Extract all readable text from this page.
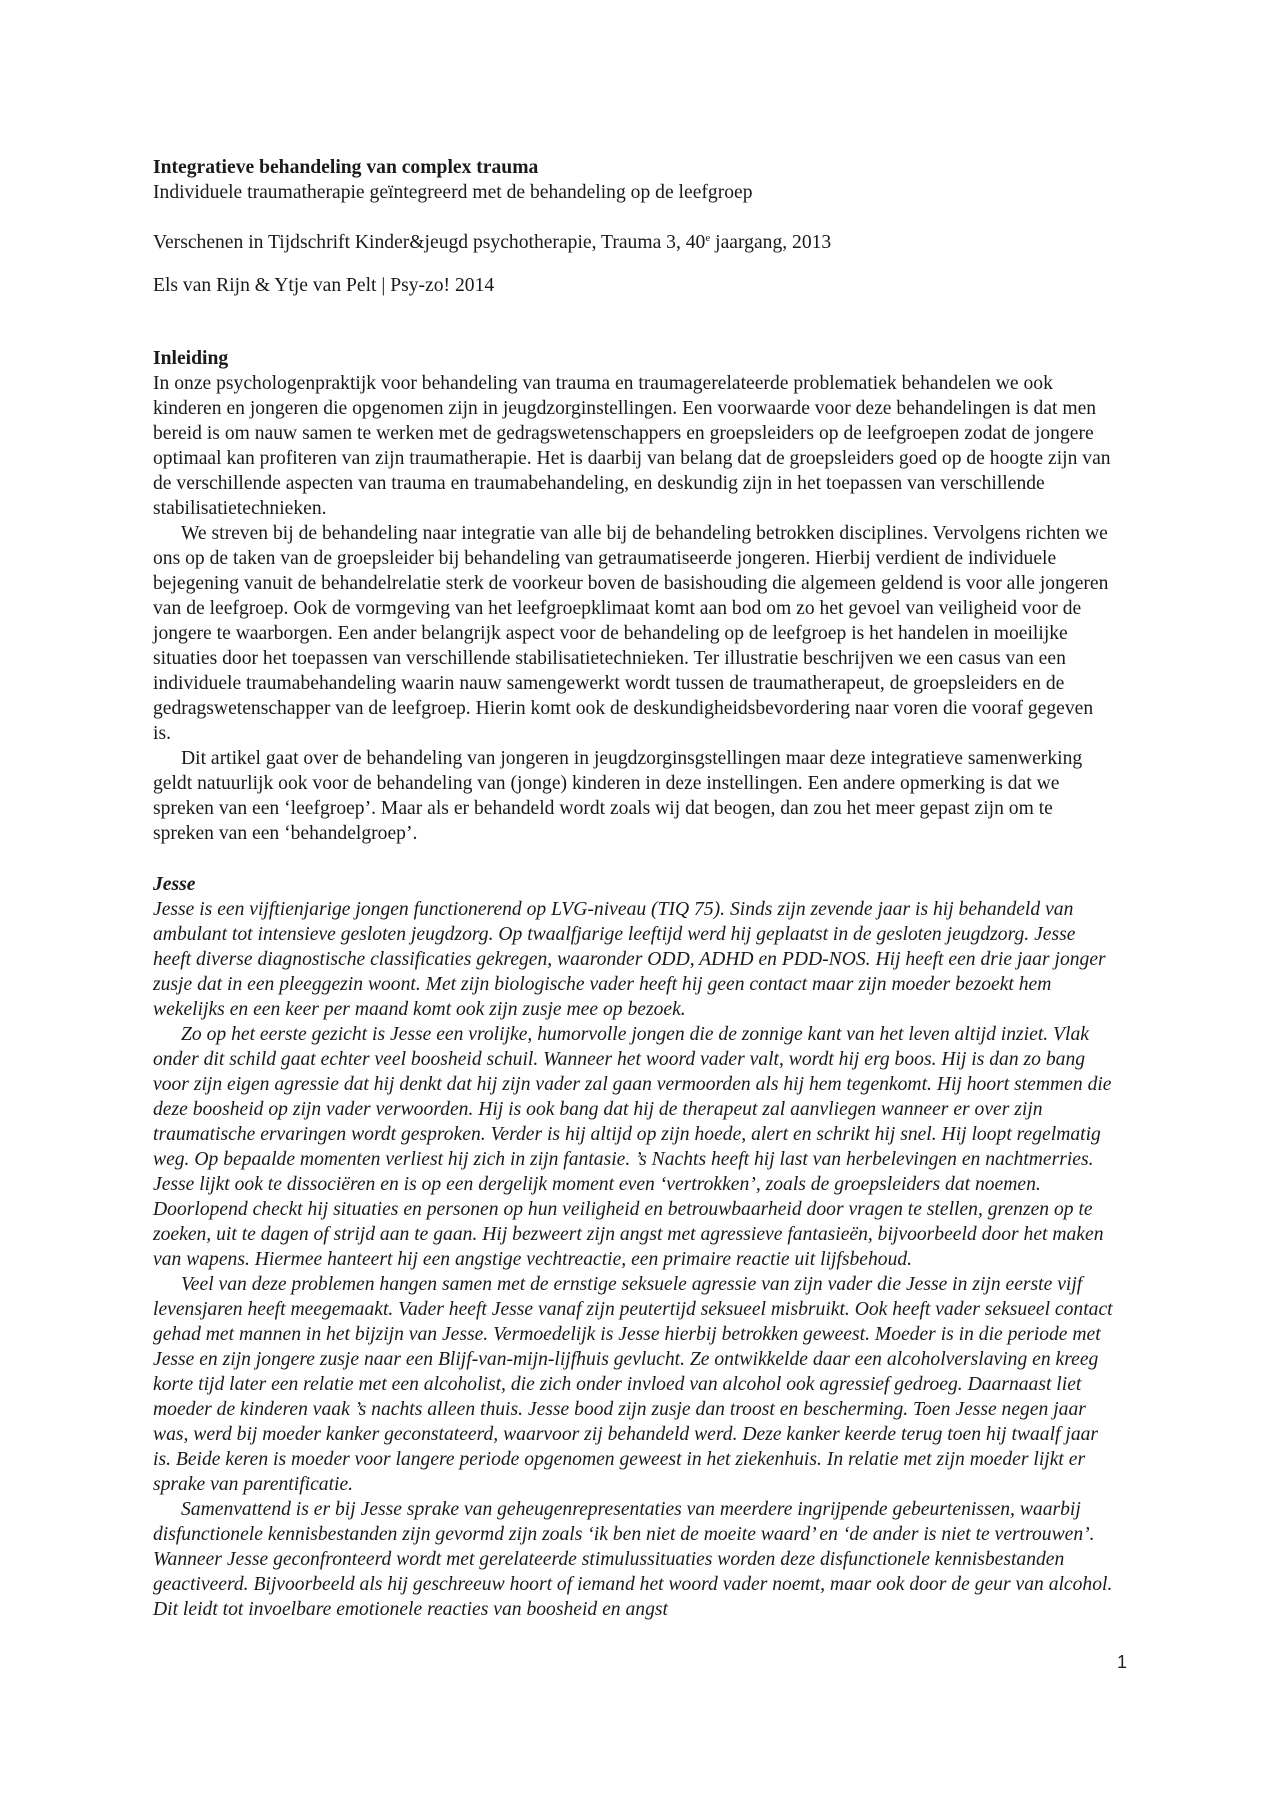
Integratieve behandeling van complex trauma

Individuele traumatherapie geïntegreerd met de behandeling op de leefgroep

Verschenen in Tijdschrift Kinder&jeugd psychotherapie, Trauma 3, 40e jaargang, 2013

Els van Rijn & Ytje van Pelt | Psy-zo! 2014

Inleiding

In onze psychologenpraktijk voor behandeling van trauma en traumagerelateerde problematiek behandelen we ook kinderen en jongeren die opgenomen zijn in jeugdzorginstellingen. Een voorwaarde voor deze behandelingen is dat men bereid is om nauw samen te werken met de gedragswetenschappers en groepsleiders op de leefgroepen zodat de jongere optimaal kan profiteren van zijn traumatherapie. Het is daarbij van belang dat de groepsleiders goed op de hoogte zijn van de verschillende aspecten van trauma en traumabehandeling, en deskundig zijn in het toepassen van verschillende stabilisatietechnieken.

We streven bij de behandeling naar integratie van alle bij de behandeling betrokken disciplines. Vervolgens richten we ons op de taken van de groepsleider bij behandeling van getraumatiseerde jongeren. Hierbij verdient de individuele bejegening vanuit de behandelrelatie sterk de voorkeur boven de basishouding die algemeen geldend is voor alle jongeren van de leefgroep. Ook de vormgeving van het leefgroepklimaat komt aan bod om zo het gevoel van veiligheid voor de jongere te waarborgen. Een ander belangrijk aspect voor de behandeling op de leefgroep is het handelen in moeilijke situaties door het toepassen van verschillende stabilisatietechnieken. Ter illustratie beschrijven we een casus van een individuele traumabehandeling waarin nauw samengewerkt wordt tussen de traumatherapeut, de groepsleiders en de gedragswetenschapper van de leefgroep. Hierin komt ook de deskundigheidsbevordering naar voren die vooraf gegeven is.

Dit artikel gaat over de behandeling van jongeren in jeugdzorginsgstellingen maar deze integratieve samenwerking geldt natuurlijk ook voor de behandeling van (jonge) kinderen in deze instellingen. Een andere opmerking is dat we spreken van een ‘leefgroep’. Maar als er behandeld wordt zoals wij dat beogen, dan zou het meer gepast zijn om te spreken van een ‘behandelgroep’.

Jesse

Jesse is een vijftienjarige jongen functionerend op LVG-niveau (TIQ 75). Sinds zijn zevende jaar is hij behandeld van ambulant tot intensieve gesloten jeugdzorg. Op twaalfjarige leeftijd werd hij geplaatst in de gesloten jeugdzorg. Jesse heeft diverse diagnostische classificaties gekregen, waaronder ODD, ADHD en PDD-NOS. Hij heeft een drie jaar jonger zusje dat in een pleeggezin woont. Met zijn biologische vader heeft hij geen contact maar zijn moeder bezoekt hem wekelijks en een keer per maand komt ook zijn zusje mee op bezoek.

Zo op het eerste gezicht is Jesse een vrolijke, humorvolle jongen die de zonnige kant van het leven altijd inziet. Vlak onder dit schild gaat echter veel boosheid schuil. Wanneer het woord vader valt, wordt hij erg boos. Hij is dan zo bang voor zijn eigen agressie dat hij denkt dat hij zijn vader zal gaan vermoorden als hij hem tegenkomt. Hij hoort stemmen die deze boosheid op zijn vader verwoorden. Hij is ook bang dat hij de therapeut zal aanvliegen wanneer er over zijn traumatische ervaringen wordt gesproken. Verder is hij altijd op zijn hoede, alert en schrikt hij snel. Hij loopt regelmatig weg. Op bepaalde momenten verliest hij zich in zijn fantasie. ’s Nachts heeft hij last van herbelevingen en nachtmerries. Jesse lijkt ook te dissociëren en is op een dergelijk moment even ‘vertrokken’, zoals de groepsleiders dat noemen. Doorlopend checkt hij situaties en personen op hun veiligheid en betrouwbaarheid door vragen te stellen, grenzen op te zoeken, uit te dagen of strijd aan te gaan. Hij bezweert zijn angst met agressieve fantasieën, bijvoorbeeld door het maken van wapens. Hiermee hanteert hij een angstige vechtreactie, een primaire reactie uit lijfsbehoud.

Veel van deze problemen hangen samen met de ernstige seksuele agressie van zijn vader die Jesse in zijn eerste vijf levensjaren heeft meegemaakt. Vader heeft Jesse vanaf zijn peutertijd seksueel misbruikt. Ook heeft vader seksueel contact gehad met mannen in het bijzijn van Jesse. Vermoedelijk is Jesse hierbij betrokken geweest. Moeder is in die periode met Jesse en zijn jongere zusje naar een Blijf-van-mijn-lijfhuis gevlucht. Ze ontwikkelde daar een alcoholverslaving en kreeg korte tijd later een relatie met een alcoholist, die zich onder invloed van alcohol ook agressief gedroeg. Daarnaast liet moeder de kinderen vaak ’s nachts alleen thuis. Jesse bood zijn zusje dan troost en bescherming. Toen Jesse negen jaar was, werd bij moeder kanker geconstateerd, waarvoor zij behandeld werd. Deze kanker keerde terug toen hij twaalf jaar is. Beide keren is moeder voor langere periode opgenomen geweest in het ziekenhuis. In relatie met zijn moeder lijkt er sprake van parentificatie.

Samenvattend is er bij Jesse sprake van geheugenrepresentaties van meerdere ingrijpende gebeurtenissen, waarbij disfunctionele kennisbestanden zijn gevormd zijn zoals ‘ik ben niet de moeite waard’ en ‘de ander is niet te vertrouwen’. Wanneer Jesse geconfronteerd wordt met gerelateerde stimulussituaties worden deze disfunctionele kennisbestanden geactiveerd. Bijvoorbeeld als hij geschreeuw hoort of iemand het woord vader noemt, maar ook door de geur van alcohol. Dit leidt tot invoelbare emotionele reacties van boosheid en angst

1
